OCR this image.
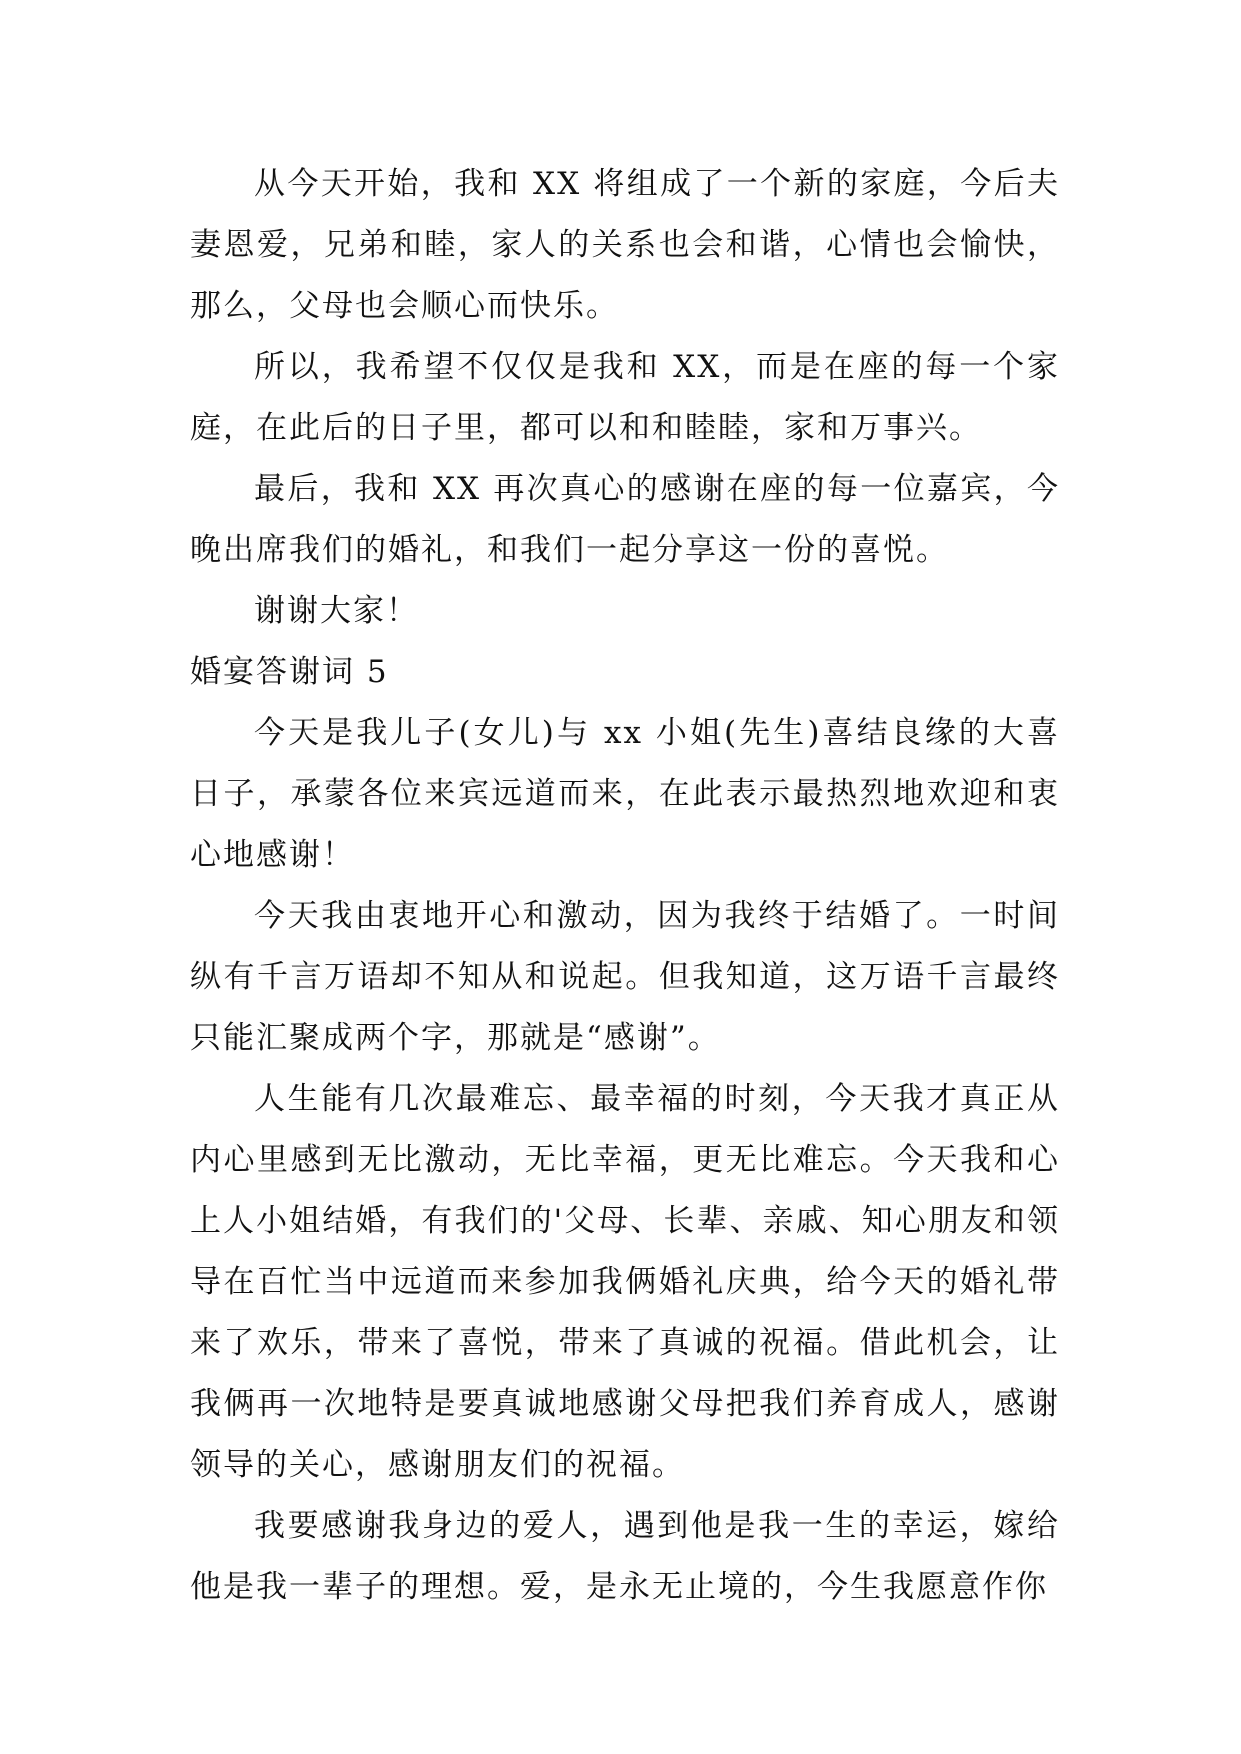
从今天开始，我和 XX 将组成了一个新的家庭，今后夫妻恩爱，兄弟和睦，家人的关系也会和谐，心情也会愉快，那么，父母也会顺心而快乐。

所以，我希望不仅仅是我和 XX，而是在座的每一个家庭，在此后的日子里，都可以和和睦睦，家和万事兴。

最后，我和 XX 再次真心的感谢在座的每一位嘉宾，今晚出席我们的婚礼，和我们一起分享这一份的喜悦。

谢谢大家！

婚宴答谢词 5

今天是我儿子(女儿)与 xx 小姐(先生)喜结良缘的大喜日子，承蒙各位来宾远道而来，在此表示最热烈地欢迎和衷心地感谢！

今天我由衷地开心和激动，因为我终于结婚了。一时间纵有千言万语却不知从和说起。但我知道，这万语千言最终只能汇聚成两个字，那就是“感谢”。

人生能有几次最难忘、最幸福的时刻，今天我才真正从内心里感到无比激动，无比幸福，更无比难忘。今天我和心上人小姐结婚，有我们的'父母、长辈、亲戚、知心朋友和领导在百忙当中远道而来参加我俩婚礼庆典，给今天的婚礼带来了欢乐，带来了喜悦，带来了真诚的祝福。借此机会，让我俩再一次地特是要真诚地感谢父母把我们养育成人，感谢领导的关心，感谢朋友们的祝福。

我要感谢我身边的爱人，遇到他是我一生的幸运，嫁给他是我一辈子的理想。爱，是永无止境的，今生我愿意作你
